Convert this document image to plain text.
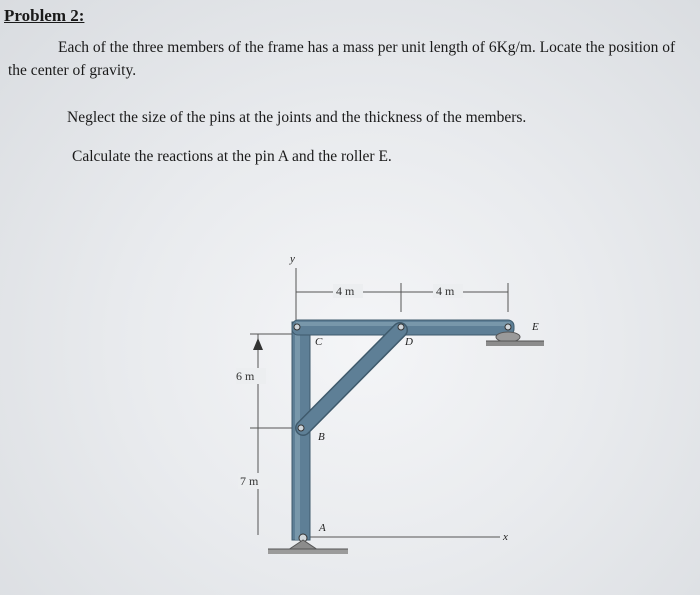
Problem 2:
Each of the three members of the frame has a mass per unit length of 6Kg/m. Locate the position of the center of gravity.
Neglect the size of the pins at the joints and the thickness of the members.
Calculate the reactions at the pin A and the roller E.
x
y
4 m	4 m
6 m
7 m
C	D
E
B
A
